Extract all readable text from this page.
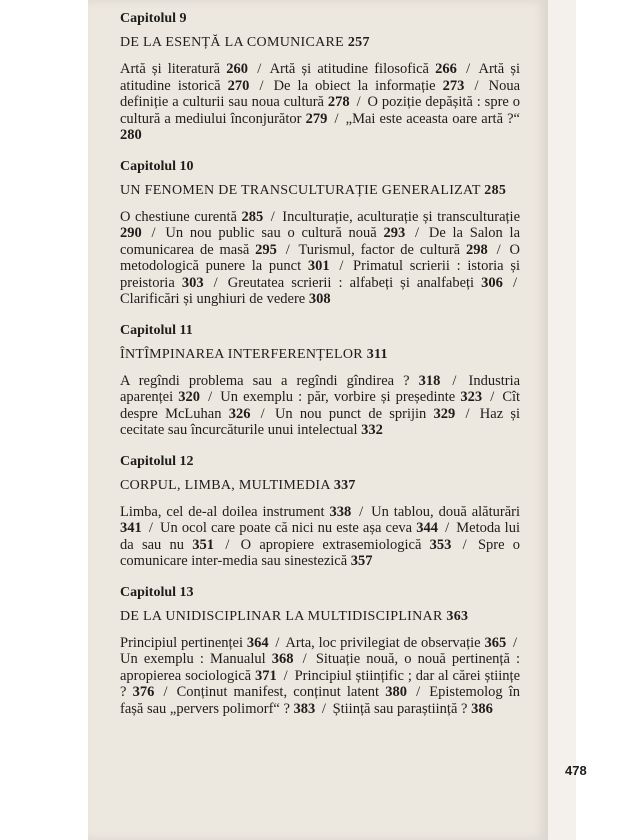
Capitolul 9
DE LA ESENȚĂ LA COMUNICARE 257

Artă și literatură 260 / Artă și atitudine filosofică 266 / Artă și atitudine istorică 270 / De la obiect la informație 273 / Noua definiție a culturii sau noua cultură 278 / O poziție depășită : spre o cultură a mediului înconjurător 279 / „Mai este aceasta oare artă ?“ 280

Capitolul 10
UN FENOMEN DE TRANSCULTURAȚIE GENERALIZAT 285

O chestiune curentă 285 / Inculturație, aculturație și transculturație 290 / Un nou public sau o cultură nouă 293 / De la Salon la comunicarea de masă 295 / Turismul, factor de cultură 298 / O metodologică punere la punct 301 / Primatul scrierii : istoria și preistoria 303 / Greutatea scrierii : alfabeți și analfabeți 306 / Clarificări și unghiuri de vedere 308

Capitolul 11
ÎNTÎMPINAREA INTERFERENȚELOR 311

A regîndi problema sau a regîndi gîndirea ? 318 / Industria aparenței 320 / Un exemplu : păr, vorbire și președinte 323 / Cît despre McLuhan 326 / Un nou punct de sprijin 329 / Haz și cecitate sau încurcăturile unui intelectual 332

Capitolul 12
CORPUL, LIMBA, MULTIMEDIA 337

Limba, cel de-al doilea instrument 338 / Un tablou, două alăturări 341 / Un ocol care poate că nici nu este așa ceva 344 / Metoda lui da sau nu 351 / O apropiere extrasemiologică 353 / Spre o comunicare inter-media sau sinestezică 357

Capitolul 13
DE LA UNIDISCIPLINAR LA MULTIDISCIPLINAR 363

Principiul pertinenței 364 / Arta, loc privilegiat de observație 365 / Un exemplu : Manualul 368 / Situație nouă, o nouă pertinență : apropierea sociologică 371 / Principiul științific ; dar al cărei științe ? 376 / Conținut manifest, conținut latent 380 / Epistemolog în fașă sau „pervers polimorf“ ? 383 / Știință sau paraștiință ? 386

478
